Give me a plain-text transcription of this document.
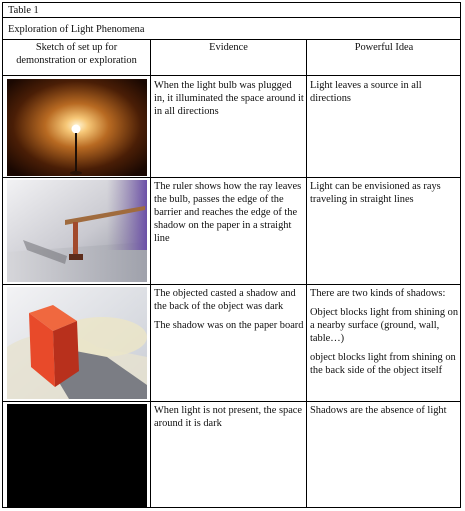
Table 1
Exploration of Light Phenomena
Sketch of set up for demonstration or exploration
Evidence	Powerful Idea

When the light bulb was plugged in, it illuminated the space around it in all directions

Light leaves a source in all directions

The ruler shows how the ray leaves the bulb, passes the edge of the barrier and reaches the edge of the shadow on the paper in a straight line

Light can be envisioned as rays traveling in straight lines

The objected casted a shadow and the back of the object was dark

The shadow was on the paper board

There are two kinds of shadows:

Object blocks light from shining on a nearby surface (ground, wall, table…)

object blocks light from shining on the back side of the object itself

When light is not present, the space around it is dark

Shadows are the absence of light
